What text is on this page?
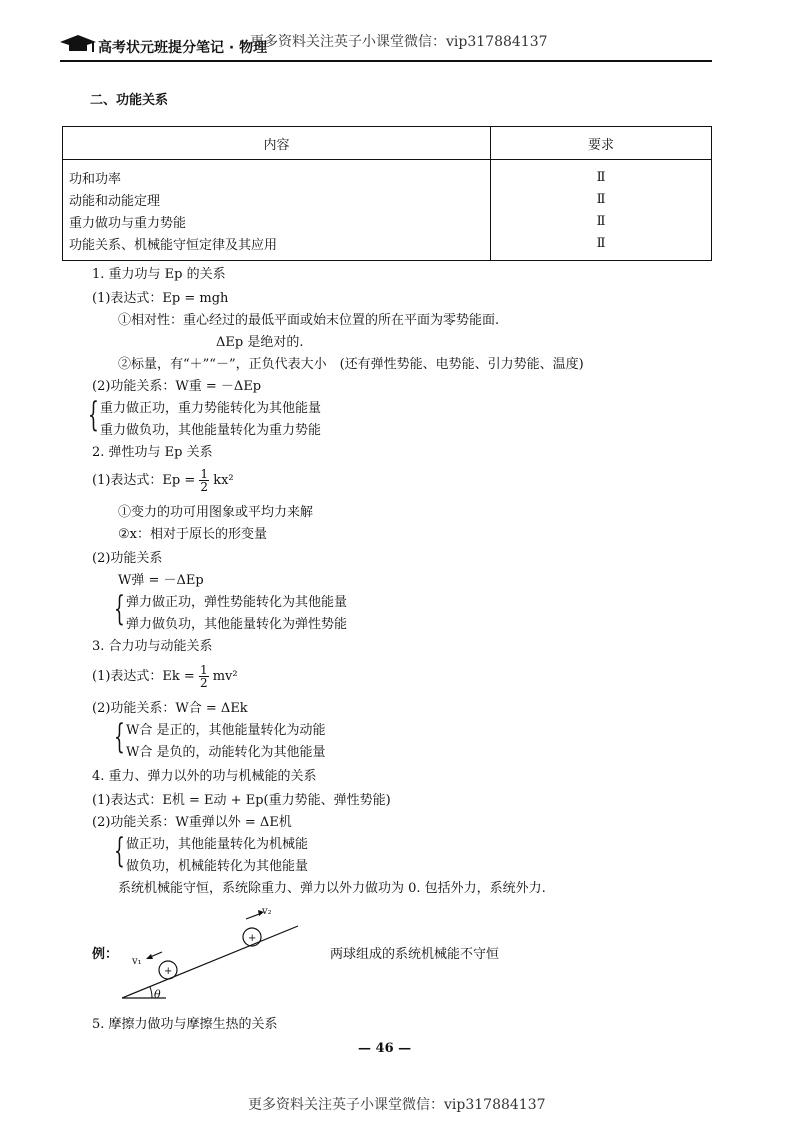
高考状元班提分笔记 · 物理
更多资料关注英子小课堂微信：vip317884137
二、功能关系
内容	要求
功和功率	Ⅱ
动能和动能定理	Ⅱ
重力做功与重力势能	Ⅱ
功能关系、机械能守恒定律及其应用	Ⅱ
1. 重力功与 Ep 的关系
(1)表达式：Ep = mgh
①相对性：重心经过的最低平面或始末位置的所在平面为零势能面.
ΔEp 是绝对的.
②标量，有“＋”“－”，正负代表大小　(还有弹性势能、电势能、引力势能、温度)
(2)功能关系：W重 = －ΔEp
{ 重力做正功，重力势能转化为其他能量
重力做负功，其他能量转化为重力势能
2. 弹性功与 Ep 关系
(1)表达式：$Ep = \frac{1}{2} kx^2$
①变力的功可用图象或平均力来解
②x：相对于原长的形变量
(2)功能关系
W弹 = －ΔEp
{ 弹力做正功，弹性势能转化为其他能量
弹力做负功，其他能量转化为弹性势能
3. 合力功与动能关系
(1)表达式：$Ek = \frac{1}{2} mv^2$
(2)功能关系：W合 = ΔEk
{ W合 是正的，其他能量转化为动能
W合 是负的，动能转化为其他能量
4. 重力、弹力以外的功与机械能的关系
(1)表达式：E机 = E动 + Ep(重力势能、弹性势能)
(2)功能关系：W重弹以外 = ΔE机
{ 做正功，其他能量转化为机械能
做负功，机械能转化为其他能量
系统机械能守恒，系统除重力、弹力以外力做功为 0. 包括外力，系统外力.
例：
+
+
v₁
v₂
θ
两球组成的系统机械能不守恒
5. 摩擦力做功与摩擦生热的关系
— 46 —
更多资料关注英子小课堂微信：vip317884137
